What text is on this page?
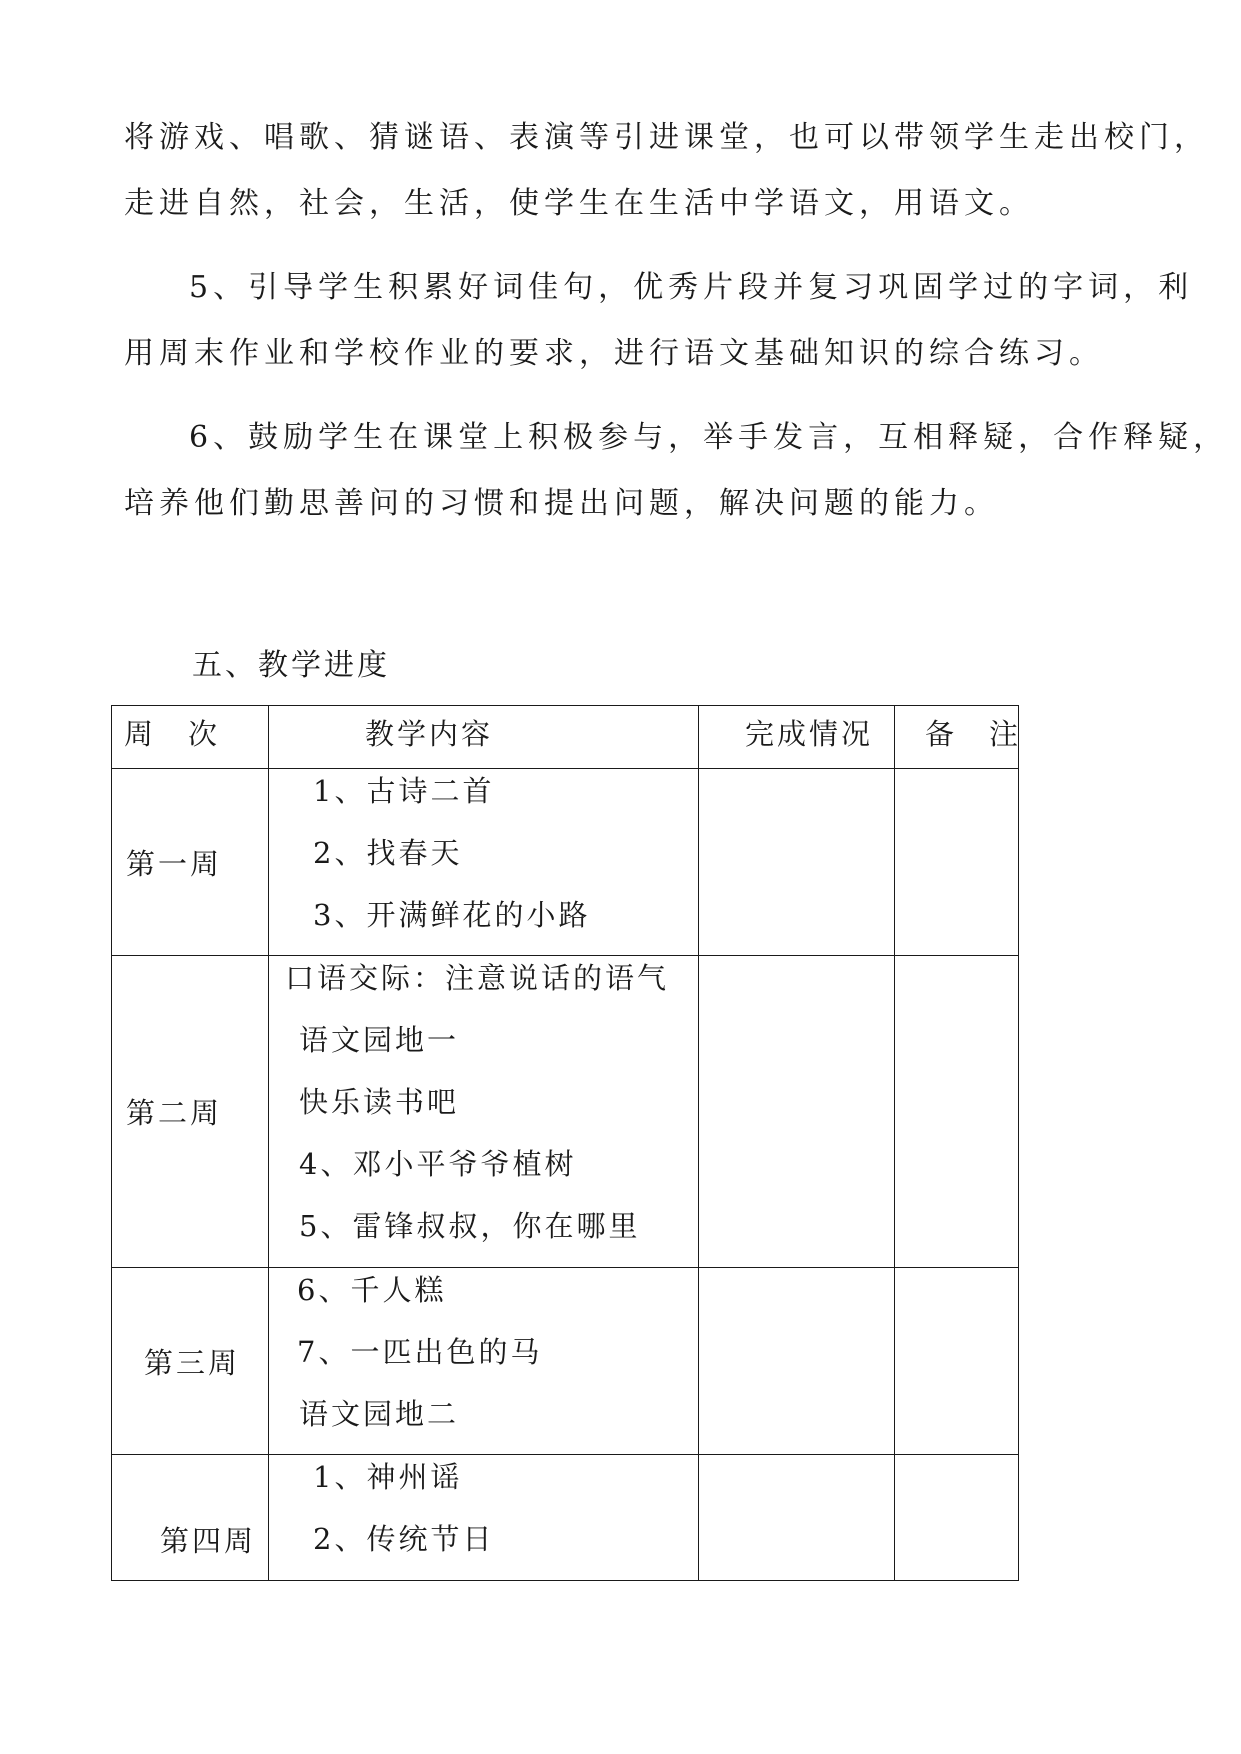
将游戏、唱歌、猜谜语、表演等引进课堂，也可以带领学生走出校门，
走进自然，社会，生活，使学生在生活中学语文，用语文。
5、引导学生积累好词佳句，优秀片段并复习巩固学过的字词，利
用周末作业和学校作业的要求，进行语文基础知识的综合练习。
6、鼓励学生在课堂上积极参与，举手发言，互相释疑，合作释疑，
培养他们勤思善问的习惯和提出问题，解决问题的能力。
五、教学进度
周　次	教学内容	完成情况	备　注

第一周	1、古诗二首
2、找春天
3、开满鲜花的小路		

第二周	口语交际：注意说话的语气
语文园地一
快乐读书吧
4、邓小平爷爷植树
5、雷锋叔叔，你在哪里		

第三周	6、千人糕
7、一匹出色的马
语文园地二		

第四周	1、神州谣
2、传统节日		
